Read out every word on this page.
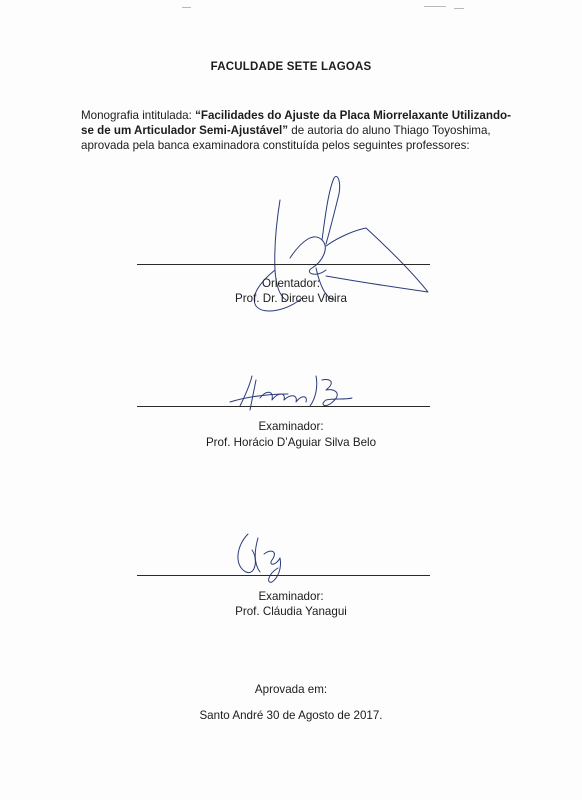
FACULDADE SETE LAGOAS
Monografia intitulada: “Facilidades do Ajuste da Placa Miorrelaxante Utilizando-se de um Articulador Semi-Ajustável” de autoria do aluno Thiago Toyoshima, aprovada pela banca examinadora constituída pelos seguintes professores:
Orientador:
Prof. Dr. Dirceu Vieira
Examinador:
Prof. Horácio D’Aguiar Silva Belo
Examinador:
Prof. Cláudia Yanagui
Aprovada em:
Santo André 30 de Agosto de 2017.
